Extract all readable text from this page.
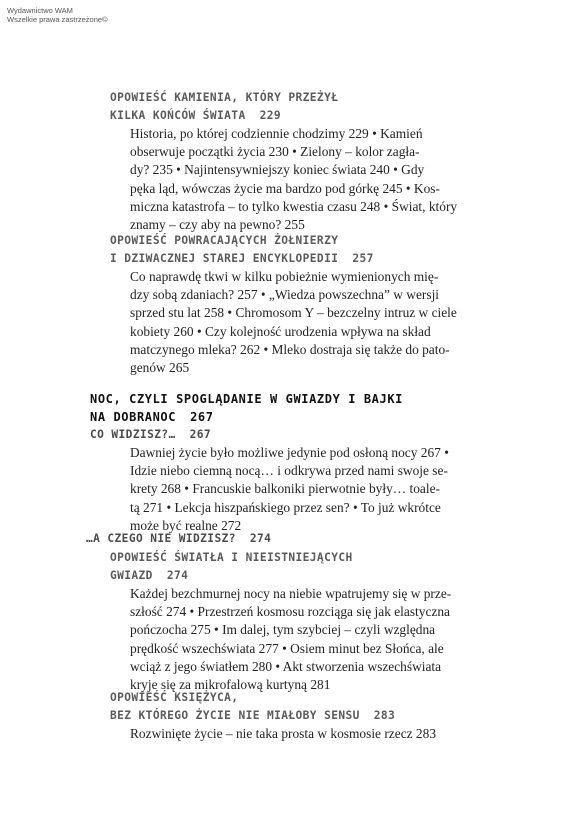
Wydawnictwo WAM
Wszelkie prawa zastrzeżone©
OPOWIEŚĆ KAMIENIA, KTÓRY PRZEŻYŁ
KILKA KOŃCÓW ŚWIATA 229
Historia, po której codziennie chodzimy 229 • Kamień
obserwuje początki życia 230 • Zielony – kolor zagła-
dy? 235 • Najintensywniejszy koniec świata 240 • Gdy
pęka ląd, wówczas życie ma bardzo pod górkę 245 • Kos-
miczna katastrofa – to tylko kwestia czasu 248 • Świat, który
znamy – czy aby na pewno? 255
OPOWIEŚĆ POWRACAJĄCYCH ŻOŁNIERZY
I DZIWACZNEJ STAREJ ENCYKLOPEDII 257
Co naprawdę tkwi w kilku pobieżnie wymienionych mię-
dzy sobą zdaniach? 257 • „Wiedza powszechna” w wersji
sprzed stu lat 258 • Chromosom Y – bezczelny intruz w ciele
kobiety 260 • Czy kolejność urodzenia wpływa na skład
matczynego mleka? 262 • Mleko dostraja się także do pato-
genów 265
NOC, CZYLI SPOGLĄDANIE W GWIAZDY I BAJKI
NA DOBRANOC 267
CO WIDZISZ?… 267
Dawniej życie było możliwe jedynie pod osłoną nocy 267 •
Idzie niebo ciemną nocą… i odkrywa przed nami swoje se-
krety 268 • Francuskie balkoniki pierwotnie były… toale-
tą 271 • Lekcja hiszpańskiego przez sen? • To już wkrótce
może być realne 272
…A CZEGO NIE WIDZISZ? 274
OPOWIEŚĆ ŚWIATŁA I NIEISTNIEJĄCYCH
GWIAZD 274
Każdej bezchmurnej nocy na niebie wpatrujemy się w prze-
szłość 274 • Przestrzeń kosmosu rozciąga się jak elastyczna
pończocha 275 • Im dalej, tym szybciej – czyli względna
prędkość wszechświata 277 • Osiem minut bez Słońca, ale
wciąż z jego światłem 280 • Akt stworzenia wszechświata
kryje się za mikrofalową kurtyną 281
OPOWIEŚĆ KSIĘŻYCA,
BEZ KTÓREGO ŻYCIE NIE MIAŁOBY SENSU 283
Rozwinięte życie – nie taka prosta w kosmosie rzecz 283
